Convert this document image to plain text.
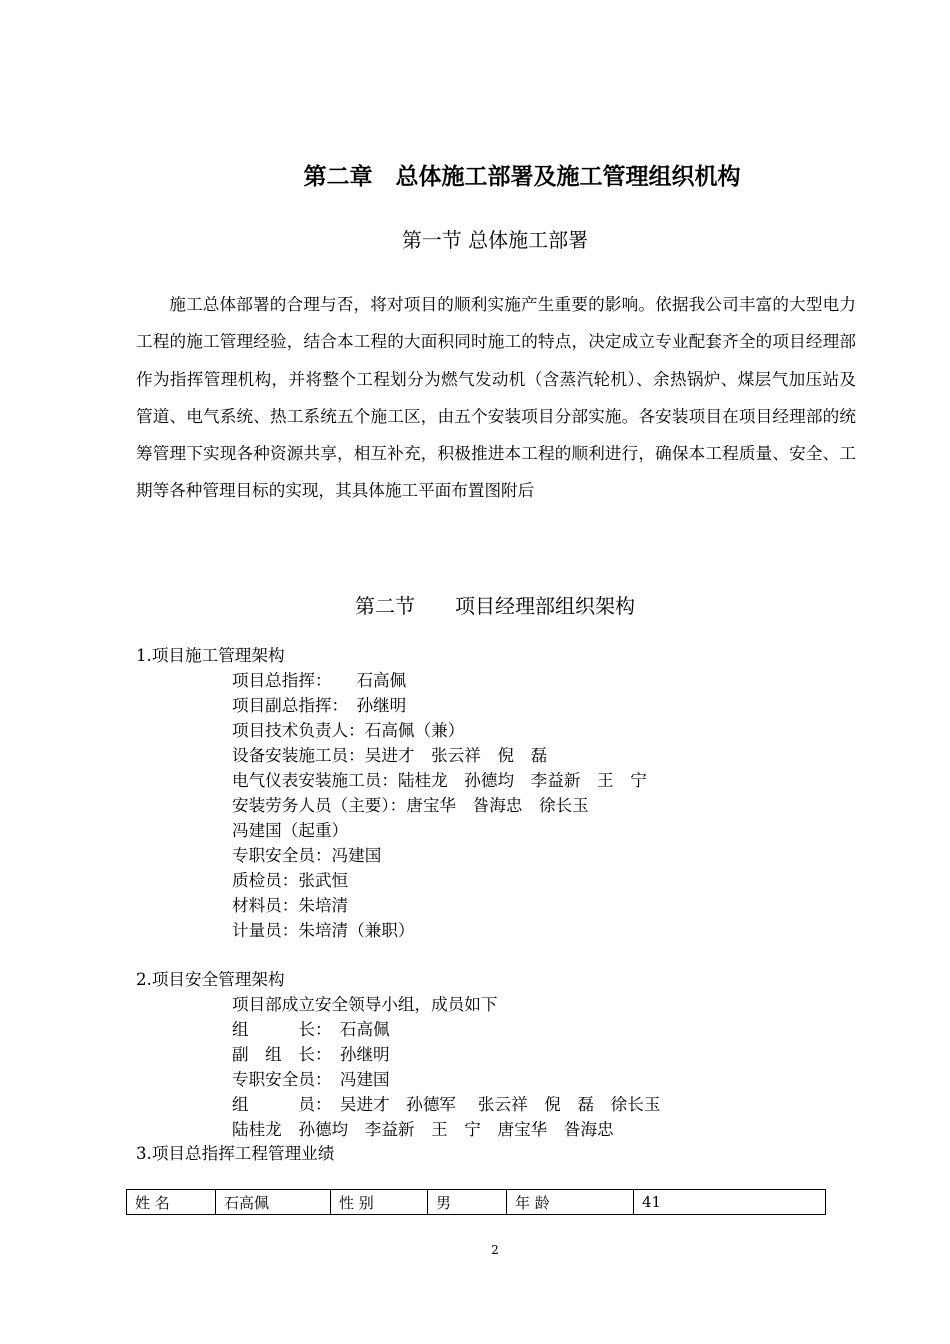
第二章　总体施工部署及施工管理组织机构
第一节 总体施工部署

施工总体部署的合理与否，将对项目的顺利实施产生重要的影响。依据我公司丰富的大型电力工程的施工管理经验，结合本工程的大面积同时施工的特点，决定成立专业配套齐全的项目经理部作为指挥管理机构，并将整个工程划分为燃气发动机（含蒸汽轮机）、余热锅炉、煤层气加压站及管道、电气系统、热工系统五个施工区，由五个安装项目分部实施。各安装项目在项目经理部的统筹管理下实现各种资源共享，相互补充，积极推进本工程的顺利进行，确保本工程质量、安全、工期等各种管理目标的实现，其具体施工平面布置图附后

第二节　　项目经理部组织架构
1.项目施工管理架构
项目总指挥：　　石高佩
项目副总指挥：　孙继明
项目技术负责人：石高佩（兼）
设备安装施工员：吴进才　张云祥　倪　磊
电气仪表安装施工员：陆桂龙　孙德均　李益新　王　宁
安装劳务人员（主要）：唐宝华　昝海忠　徐长玉
冯建国（起重）
专职安全员：冯建国
质检员：张武恒
材料员：朱培清
计量员：朱培清（兼职）
2.项目安全管理架构
项目部成立安全领导小组，成员如下
组　　　长：　石高佩
副　组　长：　孙继明
专职安全员：　冯建国
组　　　员：　吴进才　孙德军　 张云祥　倪　磊　徐长玉
陆桂龙　孙德均　李益新　王　宁　唐宝华　昝海忠
3.项目总指挥工程管理业绩
姓 名	石高佩	性 别	男	年 龄	41
2
